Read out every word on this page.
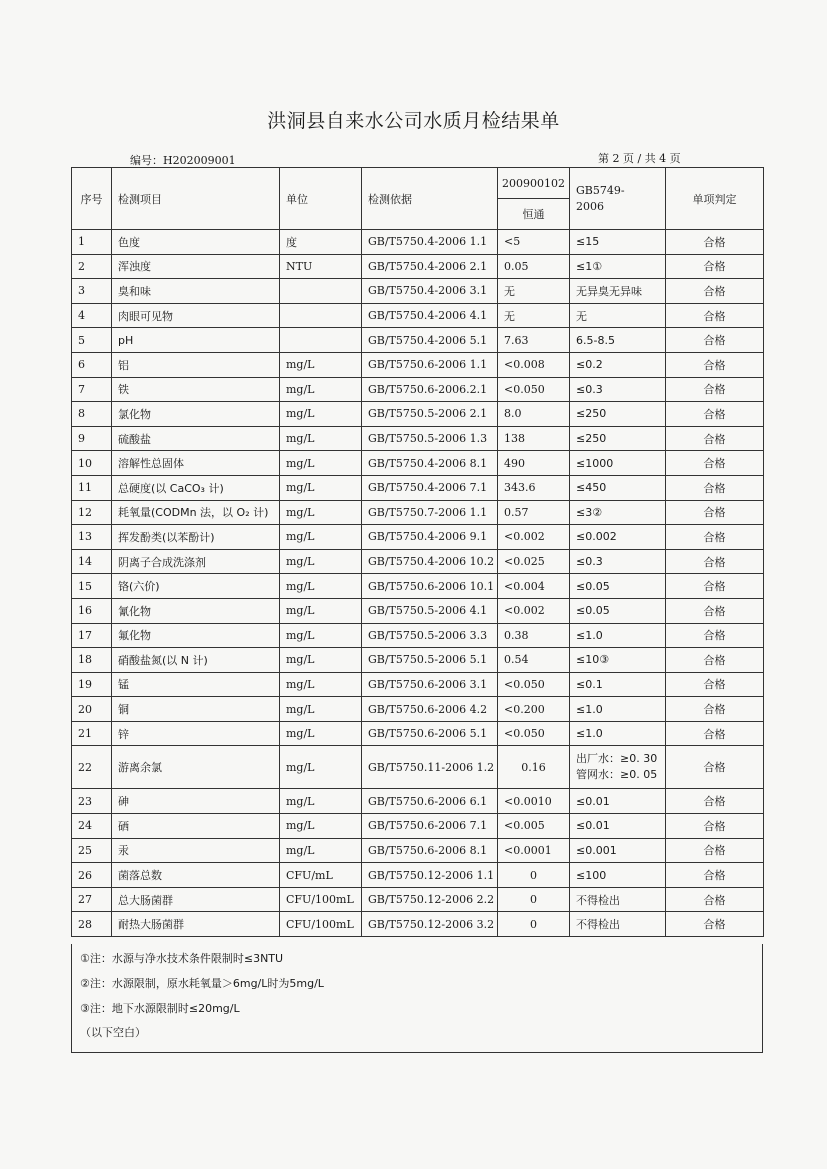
洪洞县自来水公司水质月检结果单
编号：H202009001	第 2 页 / 共 4 页
序号	检测项目	单位	检测依据	200900102	GB5749-
2006	单项判定
				恒通		
1	色度	度	GB/T5750.4-2006 1.1	<5	≤15	合格
2	浑浊度	NTU	GB/T5750.4-2006 2.1	0.05	≤1①	合格
3	臭和味		GB/T5750.4-2006 3.1	无	无异臭无异味	合格
4	肉眼可见物		GB/T5750.4-2006 4.1	无	无	合格
5	pH		GB/T5750.4-2006 5.1	7.63	6.5-8.5	合格
6	铝	mg/L	GB/T5750.6-2006 1.1	<0.008	≤0.2	合格
7	铁	mg/L	GB/T5750.6-2006.2.1	<0.050	≤0.3	合格
8	氯化物	mg/L	GB/T5750.5-2006 2.1	8.0	≤250	合格
9	硫酸盐	mg/L	GB/T5750.5-2006 1.3	138	≤250	合格
10	溶解性总固体	mg/L	GB/T5750.4-2006 8.1	490	≤1000	合格
11	总硬度(以 CaCO₃ 计)	mg/L	GB/T5750.4-2006 7.1	343.6	≤450	合格
12	耗氧量(CODMn 法，以 O₂ 计)	mg/L	GB/T5750.7-2006 1.1	0.57	≤3②	合格
13	挥发酚类(以苯酚计)	mg/L	GB/T5750.4-2006 9.1	<0.002	≤0.002	合格
14	阴离子合成洗涤剂	mg/L	GB/T5750.4-2006 10.2	<0.025	≤0.3	合格
15	铬(六价)	mg/L	GB/T5750.6-2006 10.1	<0.004	≤0.05	合格
16	氰化物	mg/L	GB/T5750.5-2006 4.1	<0.002	≤0.05	合格
17	氟化物	mg/L	GB/T5750.5-2006 3.3	0.38	≤1.0	合格
18	硝酸盐氮(以 N 计)	mg/L	GB/T5750.5-2006 5.1	0.54	≤10③	合格
19	锰	mg/L	GB/T5750.6-2006 3.1	<0.050	≤0.1	合格
20	铜	mg/L	GB/T5750.6-2006 4.2	<0.200	≤1.0	合格
21	锌	mg/L	GB/T5750.6-2006 5.1	<0.050	≤1.0	合格
22	游离余氯	mg/L	GB/T5750.11-2006 1.2	0.16	出厂水：≥0. 30
管网水：≥0. 05	合格
23	砷	mg/L	GB/T5750.6-2006 6.1	<0.0010	≤0.01	合格
24	硒	mg/L	GB/T5750.6-2006 7.1	<0.005	≤0.01	合格
25	汞	mg/L	GB/T5750.6-2006 8.1	<0.0001	≤0.001	合格
26	菌落总数	CFU/mL	GB/T5750.12-2006 1.1	0	≤100	合格
27	总大肠菌群	CFU/100mL	GB/T5750.12-2006 2.2	0	不得检出	合格
28	耐热大肠菌群	CFU/100mL	GB/T5750.12-2006 3.2	0	不得检出	合格
①注：水源与净水技术条件限制时≤3NTU
②注：水源限制，原水耗氧量＞6mg/L时为5mg/L
③注：地下水源限制时≤20mg/L
（以下空白）
